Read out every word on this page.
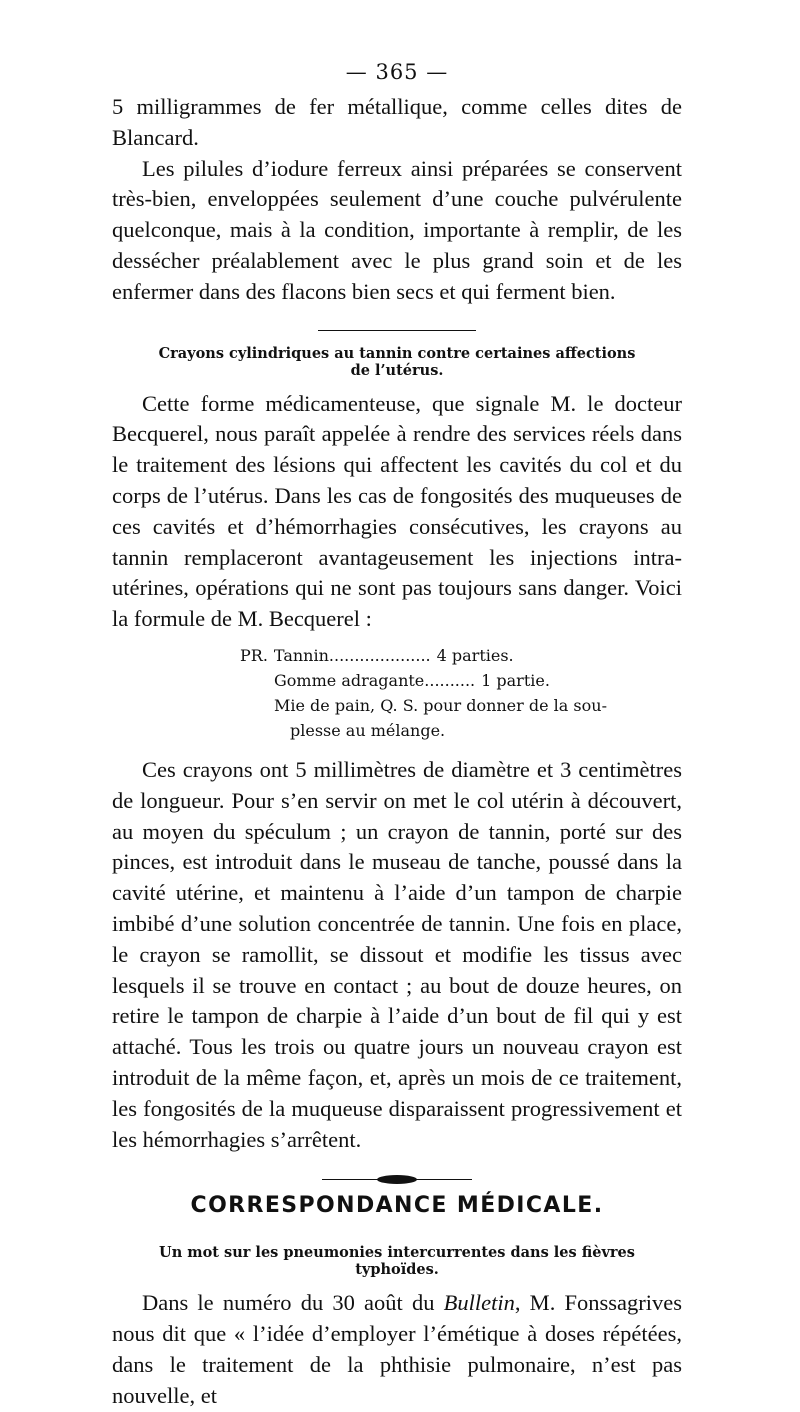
— 365 —

5 milligrammes de fer métallique, comme celles dites de Blancard.

Les pilules d’iodure ferreux ainsi préparées se conservent très-bien, enveloppées seulement d’une couche pulvérulente quelconque, mais à la condition, importante à remplir, de les dessécher préalablement avec le plus grand soin et de les enfermer dans des flacons bien secs et qui ferment bien.

Crayons cylindriques au tannin contre certaines affections
de l’utérus.

Cette forme médicamenteuse, que signale M. le docteur Becquerel, nous paraît appelée à rendre des services réels dans le traitement des lésions qui affectent les cavités du col et du corps de l’utérus. Dans les cas de fongosités des muqueuses de ces cavités et d’hémorrhagies consécutives, les crayons au tannin remplaceront avantageusement les injections intra-utérines, opérations qui ne sont pas toujours sans danger. Voici la formule de M. Becquerel :

PR. Tannin .................... 4 parties.
Gomme adragante .......... 1 partie.
Mie de pain, Q. S. pour donner de la sou-
plesse au mélange.

Ces crayons ont 5 millimètres de diamètre et 3 centimètres de longueur. Pour s’en servir on met le col utérin à découvert, au moyen du spéculum ; un crayon de tannin, porté sur des pinces, est introduit dans le museau de tanche, poussé dans la cavité utérine, et maintenu à l’aide d’un tampon de charpie imbibé d’une solution concentrée de tannin. Une fois en place, le crayon se ramollit, se dissout et modifie les tissus avec lesquels il se trouve en contact ; au bout de douze heures, on retire le tampon de charpie à l’aide d’un bout de fil qui y est attaché. Tous les trois ou quatre jours un nouveau crayon est introduit de la même façon, et, après un mois de ce traitement, les fongosités de la muqueuse disparaissent progressivement et les hémorrhagies s’arrêtent.

CORRESPONDANCE MÉDICALE.
Un mot sur les pneumonies intercurrentes dans les fièvres
typhoïdes.

Dans le numéro du 30 août du Bulletin, M. Fonssagrives nous dit que « l’idée d’employer l’émétique à doses répétées, dans le traitement de la phthisie pulmonaire, n’est pas nouvelle, et
